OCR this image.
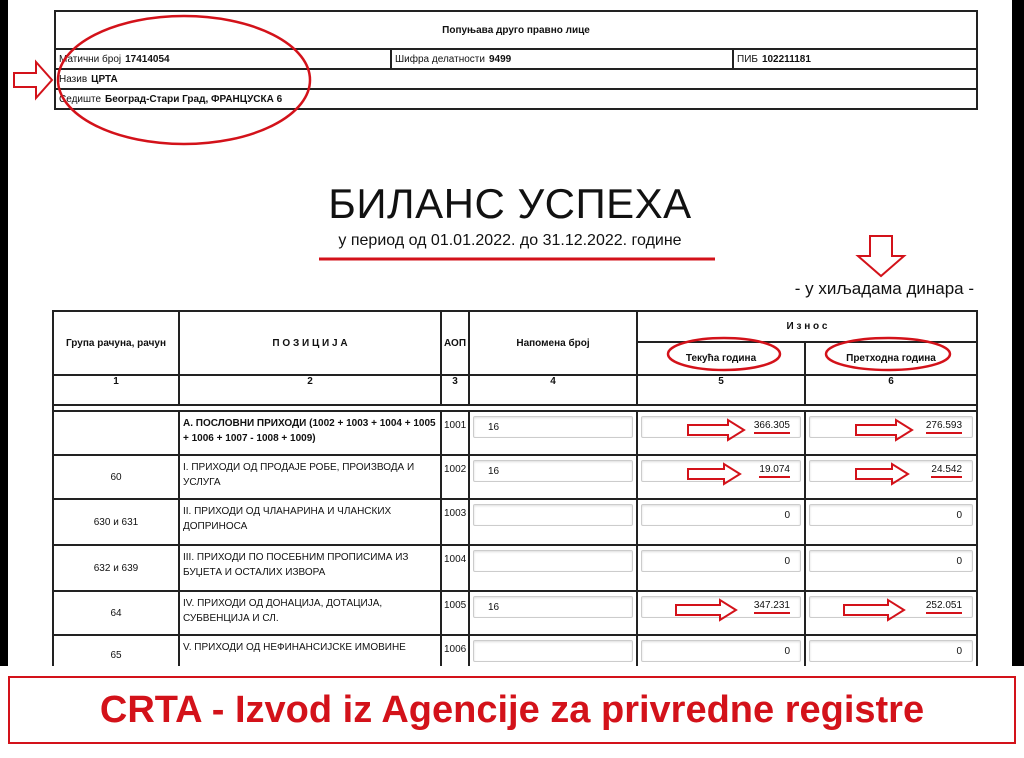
Попуњава друго правно лице
Матични број 17414054	Шифра делатности 9499	ПИБ 102211181
Назив ЦРТА
Седиште Београд-Стари Град, ФРАНЦУСКА 6
БИЛАНС УСПЕХА
у период од 01.01.2022. до 31.12.2022. године
- у хиљадама динара -
Група рачуна, рачун	П О З И Ц И Ј А	АОП	Напомена број	И з н о с	
				Текућа година	Претходна година
1	2	3	4	5	6

	А. ПОСЛОВНИ ПРИХОДИ (1002 + 1003 + 1004 + 1005 + 1006 + 1007 - 1008 + 1009)	1001	16	366.305	276.593

60	I. ПРИХОДИ ОД ПРОДАЈЕ РОБЕ, ПРОИЗВОДА И УСЛУГА	1002	16	19.074	24.542

630 и 631	II. ПРИХОДИ ОД ЧЛАНАРИНА И ЧЛАНСКИХ ДОПРИНОСА	1003		0	0

632 и 639	III. ПРИХОДИ ПО ПОСЕБНИМ ПРОПИСИМА ИЗ БУЏЕТА И ОСТАЛИХ ИЗВОРА	1004		0	0

64	IV. ПРИХОДИ ОД ДОНАЦИЈА, ДОТАЦИЈА, СУБВЕНЦИЈА И СЛ.	1005	16	347.231	252.051

65	V. ПРИХОДИ ОД НЕФИНАНСИЈСКЕ ИМОВИНЕ	1006		0	0
CRTA - Izvod iz Agencije za privredne registre
